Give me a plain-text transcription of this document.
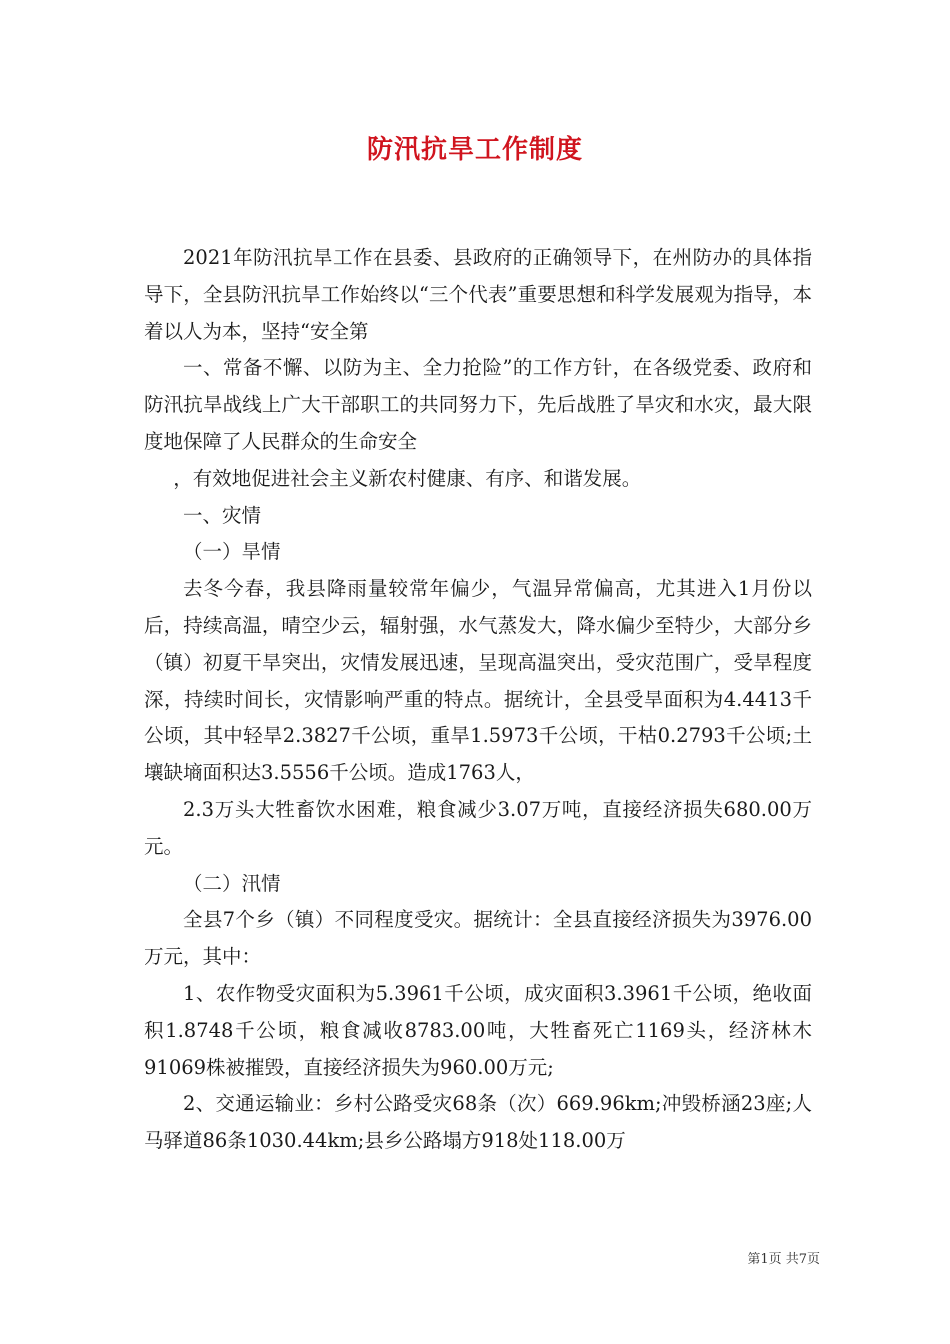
防汛抗旱工作制度

2021年防汛抗旱工作在县委、县政府的正确领导下，在州防办的具体指导下，全县防汛抗旱工作始终以“三个代表”重要思想和科学发展观为指导，本着以人为本，坚持“安全第

一、常备不懈、以防为主、全力抢险”的工作方针，在各级党委、政府和防汛抗旱战线上广大干部职工的共同努力下，先后战胜了旱灾和水灾，最大限度地保障了人民群众的生命安全

，有效地促进社会主义新农村健康、有序、和谐发展。

一、灾情

（一）旱情

去冬今春，我县降雨量较常年偏少，气温异常偏高，尤其进入1月份以后，持续高温，晴空少云，辐射强，水气蒸发大，降水偏少至特少，大部分乡（镇）初夏干旱突出，灾情发展迅速，呈现高温突出，受灾范围广，受旱程度深，持续时间长，灾情影响严重的特点。据统计，全县受旱面积为4.4413千公顷，其中轻旱2.3827千公顷，重旱1.5973千公顷，干枯0.2793千公顷;土壤缺墒面积达3.5556千公顷。造成1763人，

2.3万头大牲畜饮水困难，粮食减少3.07万吨，直接经济损失680.00万元。

（二）汛情

全县7个乡（镇）不同程度受灾。据统计：全县直接经济损失为3976.00万元，其中：

1、农作物受灾面积为5.3961千公顷，成灾面积3.3961千公顷，绝收面积1.8748千公顷，粮食减收8783.00吨，大牲畜死亡1169头，经济林木91069株被摧毁，直接经济损失为960.00万元;

2、交通运输业：乡村公路受灾68条（次）669.96km;冲毁桥涵23座;人马驿道86条1030.44km;县乡公路塌方918处118.00万

第1页 共7页
